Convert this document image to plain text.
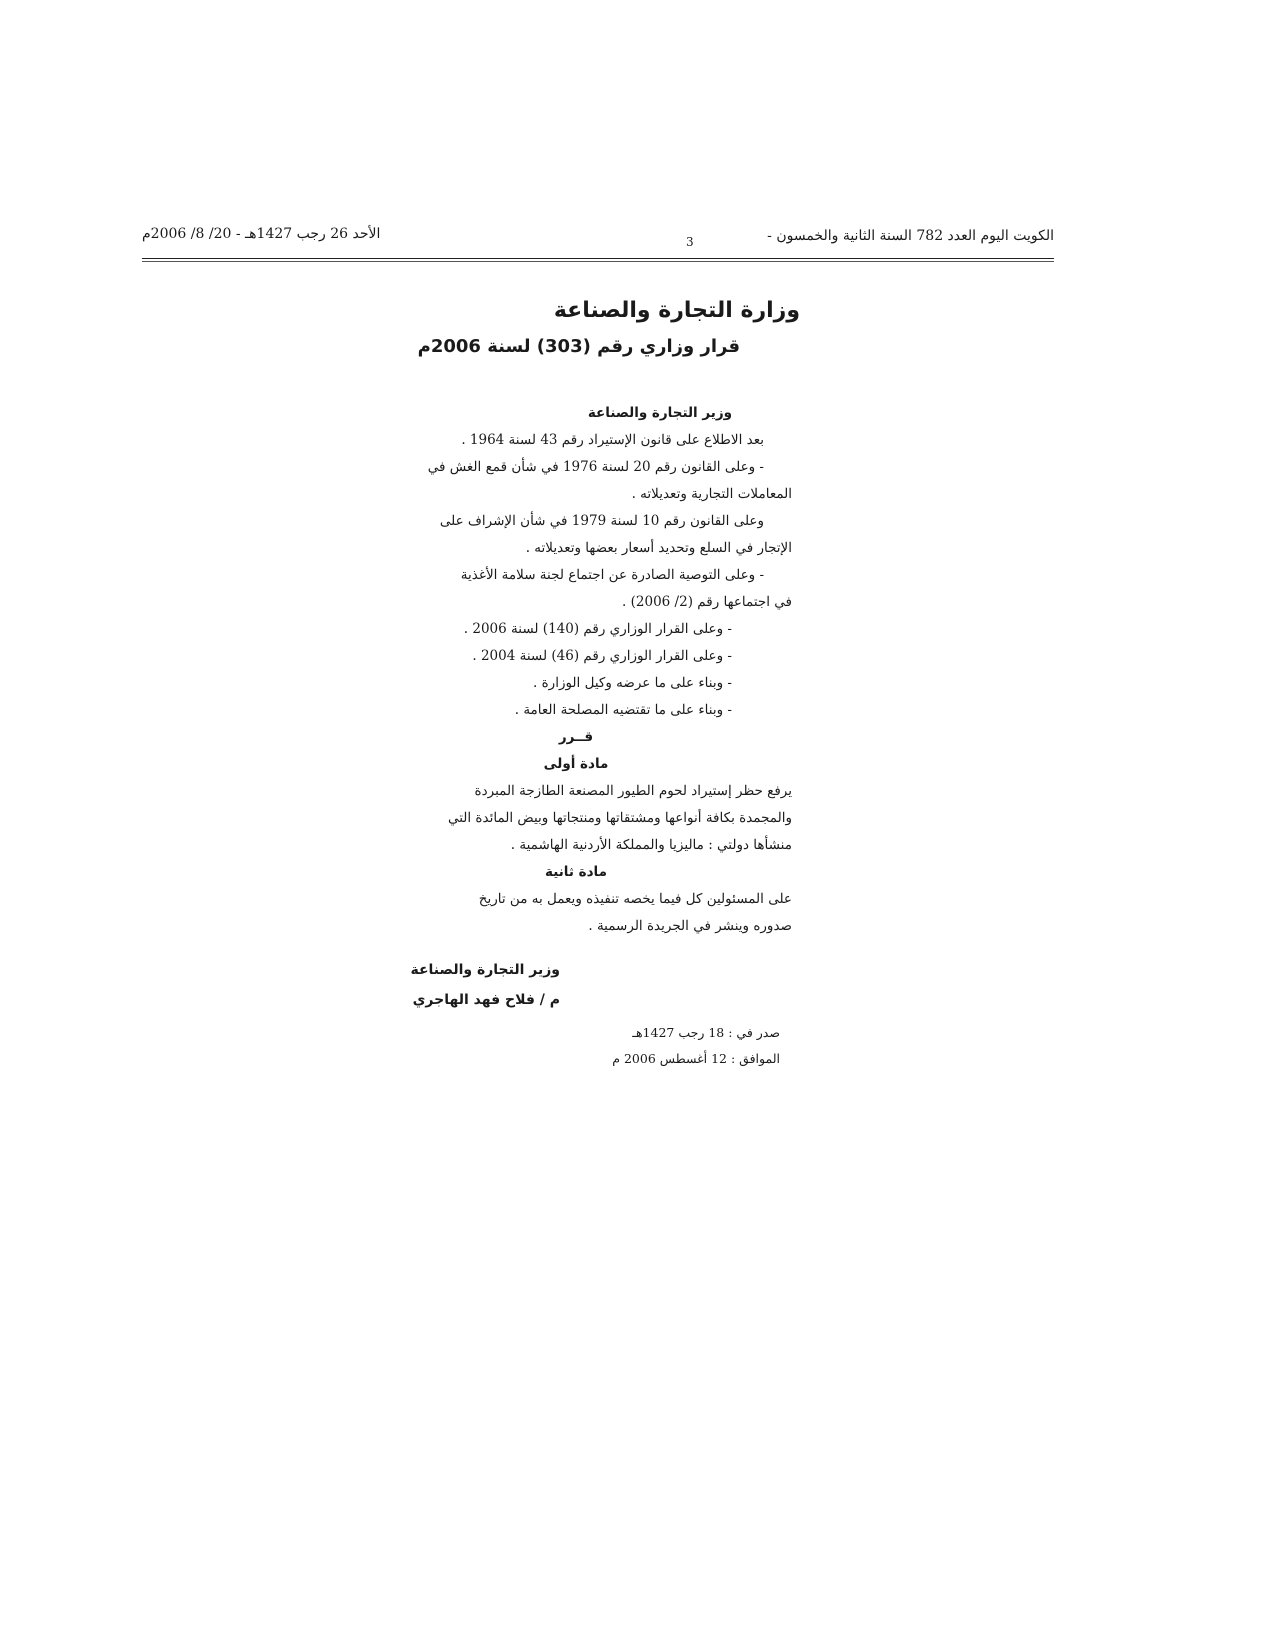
الكويت اليوم العدد 782 السنة الثانية والخمسون -
3
الأحد 26 رجب 1427هـ - 20/ 8/ 2006م
وزارة التجارة والصناعة
قرار وزاري رقم (303) لسنة 2006م
وزير التجارة والصناعة
بعد الاطلاع على قانون الإستيراد رقم 43 لسنة 1964 .
- وعلى القانون رقم 20 لسنة 1976 في شأن قمع الغش في
المعاملات التجارية وتعديلاته .
وعلى القانون رقم 10 لسنة 1979 في شأن الإشراف على
الإتجار في السلع وتحديد أسعار بعضها وتعديلاته .
- وعلى التوصية الصادرة عن اجتماع لجنة سلامة الأغذية
في اجتماعها رقم (2/ 2006) .
- وعلى القرار الوزاري رقم (140) لسنة 2006 .
- وعلى القرار الوزاري رقم (46) لسنة 2004 .
- وبناء على ما عرضه وكيل الوزارة .
- وبناء على ما تقتضيه المصلحة العامة .
قــرر
مادة أولى
يرفع حظر إستيراد لحوم الطيور المصنعة الطازجة المبردة
والمجمدة بكافة أنواعها ومشتقاتها ومنتجاتها وبيض المائدة التي
منشأها دولتي : ماليزيا والمملكة الأردنية الهاشمية .
مادة ثانية
على المسئولين كل فيما يخصه تنفيذه ويعمل به من تاريخ
صدوره وينشر في الجريدة الرسمية .
وزير التجارة والصناعة
م / فلاح فهد الهاجري
صدر في : 18 رجب 1427هـ
الموافق : 12 أغسطس 2006 م
